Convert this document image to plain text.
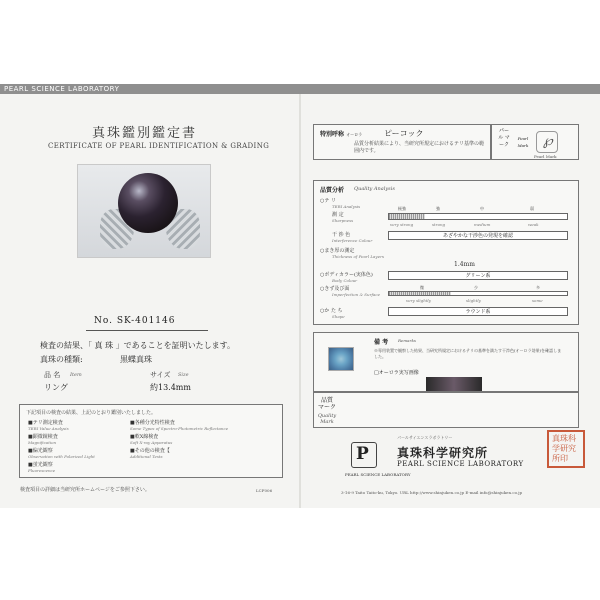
PEARL SCIENCE LABORATORY
真珠鑑別鑑定書
CERTIFICATE OF PEARL IDENTIFICATION & GRADING
No. SK-401146
検査の結果、「 真 珠 」であることを証明いたします。
真珠の種類:	黒蝶真珠
品 名 Item
リング
サイズ Size
約13.4mm
下記項目の検査の結果、上記のとおり鑑別いたしました。
■テリ測定検査
TERI Value Analysis
■各種分光特性検査
Some Types of Spectro-Photometric Reflectance
■顕微鏡検査
Magnification
■軟X線検査
Soft X-ray Apparatus
■偏光観察
Observation with Polarized Light
■その他の検査【
Additional Tests
■蛍光観察
Fluorescence
検査項目の詳細は当研究所ホームページをご参照下さい。	LCF006
特別呼称 オーロラ	ピーコック
品質分析結果により、当研究所規定におけるテリ基準の範囲内です。
パール マーク
Pearl Mark ℘
Pearl Mark
品質分析 Quality Analysis
○テ リ
TERI Analysis
測 定
Sharpness
極強	強	中	弱
very strong	strong	medium	weak
干 渉 色
Interference Colour
あざやかな干渉色の発現を確認
○まき厚の測定
Thickness of Pearl Layers
1.4mm
○ボディカラー(実体色)
Body Colour
グリーン系
○きず及び面
Imperfection & Surface
微	少	多
very slightly	slightly	some
○か た ち
Shape
ラウンド系
備 考 Remarks
※専用装置で観察した結果、当研究所規定におけるテリの基準を満たす干渉色(オーロラ効果)を確認しました。
□オーロラ実写画像
品質 マーク
Quality Mark
P
PEARL SCIENCE LABORATORY
パールサイエンスラボラトリー
真珠科学研究所
PEARL SCIENCE LABORATORY
真珠科学研究所印
3-16-9 Taito Taito-ku, Tokyo. URL http://www.shinjuken.co.jp E-mail info@shinjuken.co.jp
